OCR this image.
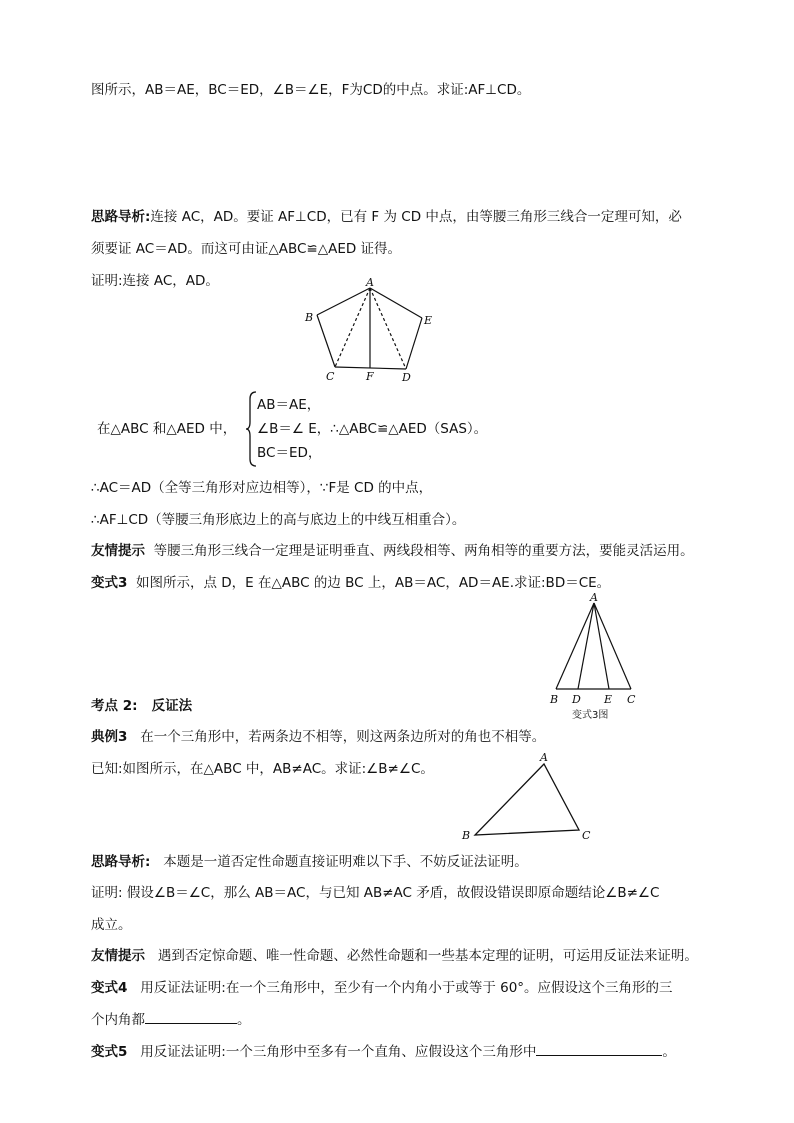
图所示，AB＝AE，BC＝ED，∠B＝∠E，F为CD的中点。求证:AF⊥CD。
思路导析:连接 AC，AD。要证 AF⊥CD，已有 F 为 CD 中点，由等腰三角形三线合一定理可知，必
须要证 AC＝AD。而这可由证△ABC≌△AED 证得。
证明:连接 AC，AD。	A
B	E
C	F	D
在△ABC 和△AED 中，
AB＝AE，
∠B＝∠ E，∴△ABC≌△AED（SAS）。
BC＝ED，
∴AC＝AD（全等三角形对应边相等），∵F是 CD 的中点，
∴AF⊥CD（等腰三角形底边上的高与底边上的中线互相重合）。
友情提示 等腰三角形三线合一定理是证明垂直、两线段相等、两角相等的重要方法，要能灵活运用。
变式3 如图所示，点 D，E 在△ABC 的边 BC 上，AB＝AC，AD＝AE.求证:BD＝CE。
A
B D E C
变式3图
考点 2: 反证法
典例3 在一个三角形中，若两条边不相等，则这两条边所对的角也不相等。
已知:如图所示，在△ABC 中，AB≠AC。求证:∠B≠∠C。
A
B	C
思路导析: 本题是一道否定性命题直接证明难以下手、不妨反证法证明。
证明: 假设∠B＝∠C，那么 AB＝AC，与已知 AB≠AC 矛盾，故假设错误即原命题结论∠B≠∠C
成立。
友情提示 遇到否定惊命题、唯一性命题、必然性命题和一些基本定理的证明，可运用反证法来证明。
变式4 用反证法证明:在一个三角形中，至少有一个内角小于或等于 60°。应假设这个三角形的三
个内角都	。
变式5 用反证法证明:一个三角形中至多有一个直角、应假设这个三角形中	。
